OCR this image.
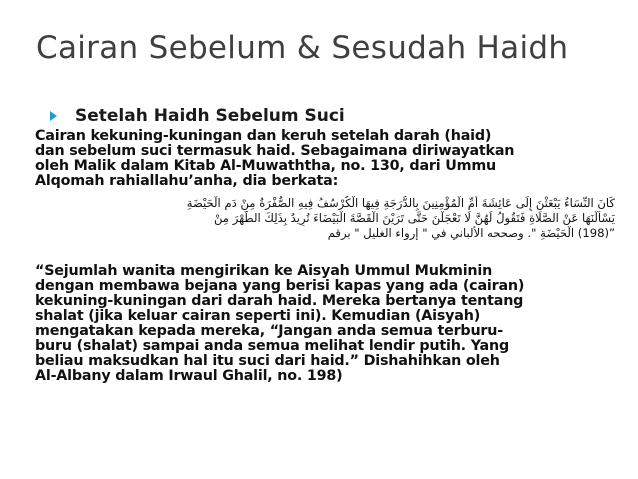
Cairan Sebelum & Sesudah Haidh
Setelah Haidh Sebelum Suci
Cairan kekuning-kuningan dan keruh setelah darah (haid)
dan sebelum suci termasuk haid. Sebagaimana diriwayatkan
oleh Malik dalam Kitab Al-Muwaththa, no. 130, dari Ummu
Alqomah rahiallahu’anha, dia berkata:
كَانَ النِّسَاءُ يَبْعَثْنَ إِلَى عَائِشَةَ أُمِّ الْمُؤْمِنِينَ بِالدُّرَجَةِ فِيهَا الْكُرْسُفُ فِيهِ الصُّفْرَةُ مِنْ دَمِ الْحَيْضَةِ
يَسْأَلْنَهَا عَنْ الصَّلَاةِ فَتَقُولُ لَهُنَّ لَا تَعْجَلْنَ حَتَّى تَرَيْنَ الْقَصَّةَ الْبَيْضَاءَ تُرِيدُ بِذَلِكَ الطُّهْرَ مِنْ
”(198) الْحَيْضَةِ ". وصححه الألباني في " إرواء الغليل " برقم
“Sejumlah wanita mengirikan ke Aisyah Ummul Mukminin
dengan membawa bejana yang berisi kapas yang ada (cairan)
kekuning-kuningan dari darah haid. Mereka bertanya tentang
shalat (jika keluar cairan seperti ini). Kemudian (Aisyah)
mengatakan kepada mereka, “Jangan anda semua terburu-
buru (shalat) sampai anda semua melihat lendir putih. Yang
beliau maksudkan hal itu suci dari haid.” Dishahihkan oleh
Al-Albany dalam Irwaul Ghalil, no. 198)
